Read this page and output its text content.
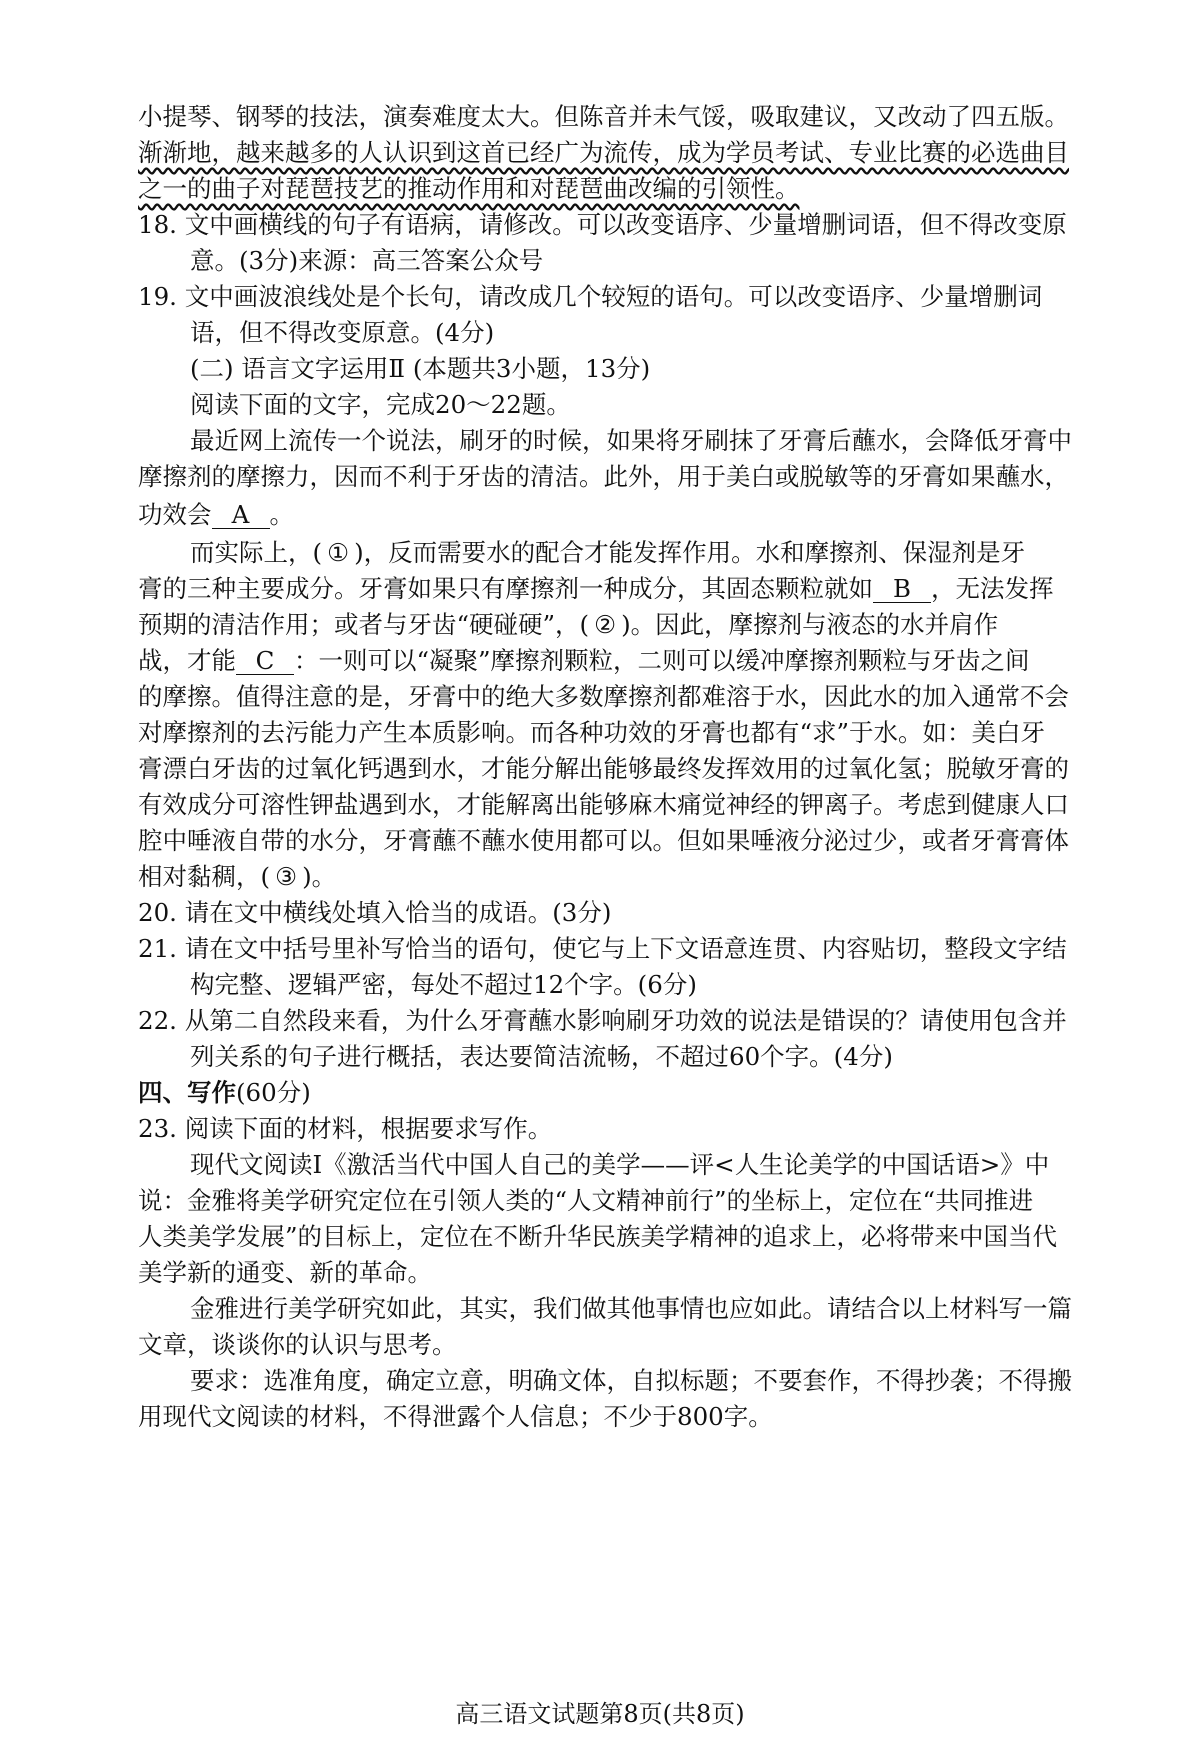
小提琴、钢琴的技法，演奏难度太大。但陈音并未气馁，吸取建议，又改动了四五版。
渐渐地，越来越多的人认识到这首已经广为流传，成为学员考试、专业比赛的必选曲目
之一的曲子对琵琶技艺的推动作用和对琵琶曲改编的引领性。
18. 文中画横线的句子有语病，请修改。可以改变语序、少量增删词语，但不得改变原
意。(3分)来源：高三答案公众号
19. 文中画波浪线处是个长句，请改成几个较短的语句。可以改变语序、少量增删词
语，但不得改变原意。(4分)
(二) 语言文字运用Ⅱ (本题共3小题，13分)
阅读下面的文字，完成20～22题。
最近网上流传一个说法，刷牙的时候，如果将牙刷抹了牙膏后蘸水，会降低牙膏中
摩擦剂的摩擦力，因而不利于牙齿的清洁。此外，用于美白或脱敏等的牙膏如果蘸水，
功效会 A 。
而实际上，( ① )，反而需要水的配合才能发挥作用。水和摩擦剂、保湿剂是牙
膏的三种主要成分。牙膏如果只有摩擦剂一种成分，其固态颗粒就如 B ，无法发挥
预期的清洁作用；或者与牙齿“硬碰硬”，( ② )。因此，摩擦剂与液态的水并肩作
战，才能 C ：一则可以“凝聚”摩擦剂颗粒，二则可以缓冲摩擦剂颗粒与牙齿之间
的摩擦。值得注意的是，牙膏中的绝大多数摩擦剂都难溶于水，因此水的加入通常不会
对摩擦剂的去污能力产生本质影响。而各种功效的牙膏也都有“求”于水。如：美白牙
膏漂白牙齿的过氧化钙遇到水，才能分解出能够最终发挥效用的过氧化氢；脱敏牙膏的
有效成分可溶性钾盐遇到水，才能解离出能够麻木痛觉神经的钾离子。考虑到健康人口
腔中唾液自带的水分，牙膏蘸不蘸水使用都可以。但如果唾液分泌过少，或者牙膏膏体
相对黏稠，( ③ )。
20. 请在文中横线处填入恰当的成语。(3分)
21. 请在文中括号里补写恰当的语句，使它与上下文语意连贯、内容贴切，整段文字结
构完整、逻辑严密，每处不超过12个字。(6分)
22. 从第二自然段来看，为什么牙膏蘸水影响刷牙功效的说法是错误的？请使用包含并
列关系的句子进行概括，表达要简洁流畅，不超过60个字。(4分)
四、写作(60分)
23. 阅读下面的材料，根据要求写作。
现代文阅读Ⅰ《激活当代中国人自己的美学——评<人生论美学的中国话语>》中
说：金雅将美学研究定位在引领人类的“人文精神前行”的坐标上，定位在“共同推进
人类美学发展”的目标上，定位在不断升华民族美学精神的追求上，必将带来中国当代
美学新的通变、新的革命。
金雅进行美学研究如此，其实，我们做其他事情也应如此。请结合以上材料写一篇
文章，谈谈你的认识与思考。
要求：选准角度，确定立意，明确文体，自拟标题；不要套作，不得抄袭；不得搬
用现代文阅读的材料，不得泄露个人信息；不少于800字。
高三语文试题第8页(共8页)
